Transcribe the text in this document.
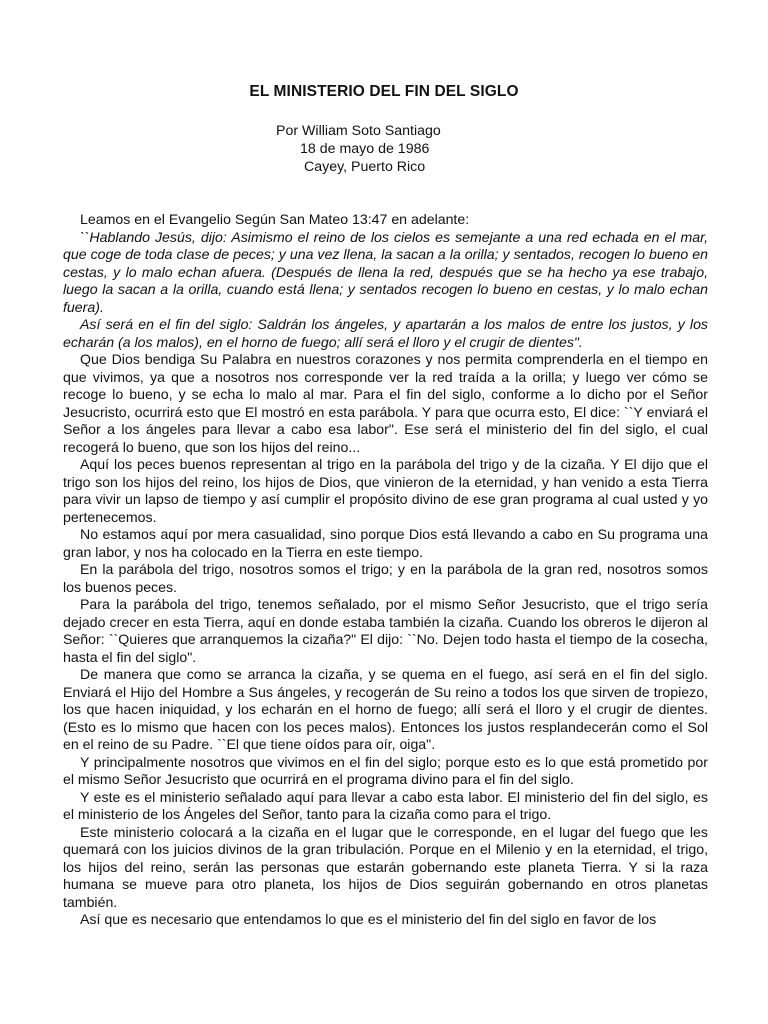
EL MINISTERIO DEL FIN DEL SIGLO
Por William Soto Santiago
18 de mayo de 1986
Cayey, Puerto Rico

Leamos en el Evangelio Según San Mateo 13:47 en adelante:

``Hablando Jesús, dijo: Asimismo el reino de los cielos es semejante a una red echada en el mar, que coge de toda clase de peces; y una vez llena, la sacan a la orilla; y sentados, recogen lo bueno en cestas, y lo malo echan afuera. (Después de llena la red, después que se ha hecho ya ese trabajo, luego la sacan a la orilla, cuando está llena; y sentados recogen lo bueno en cestas, y lo malo echan fuera).

Así será en el fin del siglo: Saldrán los ángeles, y apartarán a los malos de entre los justos, y los echarán (a los malos), en el horno de fuego; allí será el lloro y el crugir de dientes".

Que Dios bendiga Su Palabra en nuestros corazones y nos permita comprenderla en el tiempo en que vivimos, ya que a nosotros nos corresponde ver la red traída a la orilla; y luego ver cómo se recoge lo bueno, y se echa lo malo al mar. Para el fin del siglo, conforme a lo dicho por el Señor Jesucristo, ocurrirá esto que El mostró en esta parábola. Y para que ocurra esto, El dice: ``Y enviará el Señor a los ángeles para llevar a cabo esa labor". Ese será el ministerio del fin del siglo, el cual recogerá lo bueno, que son los hijos del reino...

Aquí los peces buenos representan al trigo en la parábola del trigo y de la cizaña. Y El dijo que el trigo son los hijos del reino, los hijos de Dios, que vinieron de la eternidad, y han venido a esta Tierra para vivir un lapso de tiempo y así cumplir el propósito divino de ese gran programa al cual usted y yo pertenecemos.

No estamos aquí por mera casualidad, sino porque Dios está llevando a cabo en Su programa una gran labor, y nos ha colocado en la Tierra en este tiempo.

En la parábola del trigo, nosotros somos el trigo; y en la parábola de la gran red, nosotros somos los buenos peces.

Para la parábola del trigo, tenemos señalado, por el mismo Señor Jesucristo, que el trigo sería dejado crecer en esta Tierra, aquí en donde estaba también la cizaña. Cuando los obreros le dijeron al Señor: ``Quieres que arranquemos la cizaña?" El dijo: ``No. Dejen todo hasta el tiempo de la cosecha, hasta el fin del siglo".

De manera que como se arranca la cizaña, y se quema en el fuego, así será en el fin del siglo. Enviará el Hijo del Hombre a Sus ángeles, y recogerán de Su reino a todos los que sirven de tropiezo, los que hacen iniquidad, y los echarán en el horno de fuego; allí será el lloro y el crugir de dientes. (Esto es lo mismo que hacen con los peces malos). Entonces los justos resplandecerán como el Sol en el reino de su Padre. ``El que tiene oídos para oír, oiga".

Y principalmente nosotros que vivimos en el fin del siglo; porque esto es lo que está prometido por el mismo Señor Jesucristo que ocurrirá en el programa divino para el fin del siglo.

Y este es el ministerio señalado aquí para llevar a cabo esta labor. El ministerio del fin del siglo, es el ministerio de los Ángeles del Señor, tanto para la cizaña como para el trigo.

Este ministerio colocará a la cizaña en el lugar que le corresponde, en el lugar del fuego que les quemará con los juicios divinos de la gran tribulación. Porque en el Milenio y en la eternidad, el trigo, los hijos del reino, serán las personas que estarán gobernando este planeta Tierra. Y si la raza humana se mueve para otro planeta, los hijos de Dios seguirán gobernando en otros planetas también.

Así que es necesario que entendamos lo que es el ministerio del fin del siglo en favor de los
